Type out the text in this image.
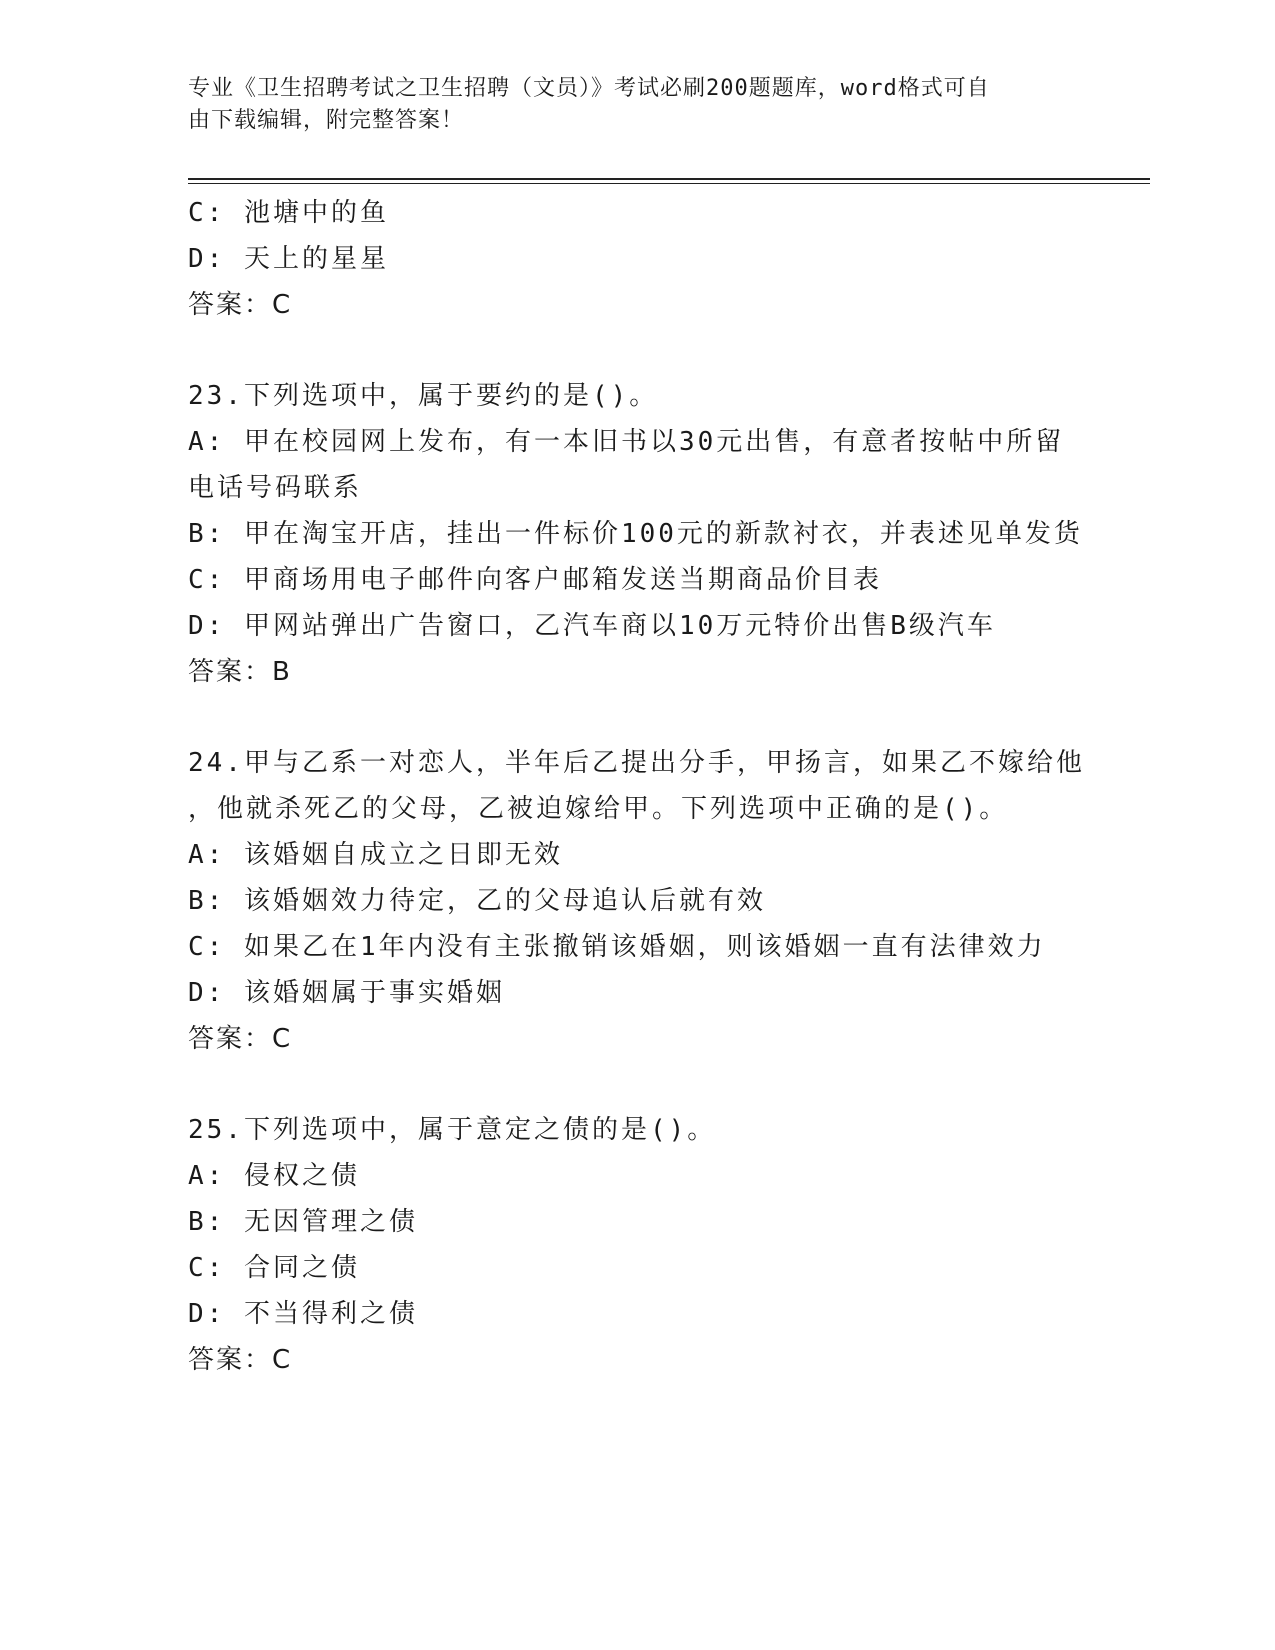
专业《卫生招聘考试之卫生招聘（文员）》考试必刷200题题库，word格式可自
由下载编辑，附完整答案！
C: 池塘中的鱼
D: 天上的星星
答案：C
23.下列选项中，属于要约的是()。
A: 甲在校园网上发布，有一本旧书以30元出售，有意者按帖中所留
电话号码联系
B: 甲在淘宝开店，挂出一件标价100元的新款衬衣，并表述见单发货
C: 甲商场用电子邮件向客户邮箱发送当期商品价目表
D: 甲网站弹出广告窗口，乙汽车商以10万元特价出售B级汽车
答案：B
24.甲与乙系一对恋人，半年后乙提出分手，甲扬言，如果乙不嫁给他
，他就杀死乙的父母，乙被迫嫁给甲。下列选项中正确的是()。
A: 该婚姻自成立之日即无效
B: 该婚姻效力待定，乙的父母追认后就有效
C: 如果乙在1年内没有主张撤销该婚姻，则该婚姻一直有法律效力
D: 该婚姻属于事实婚姻
答案：C
25.下列选项中，属于意定之债的是()。
A: 侵权之债
B: 无因管理之债
C: 合同之债
D: 不当得利之债
答案：C
